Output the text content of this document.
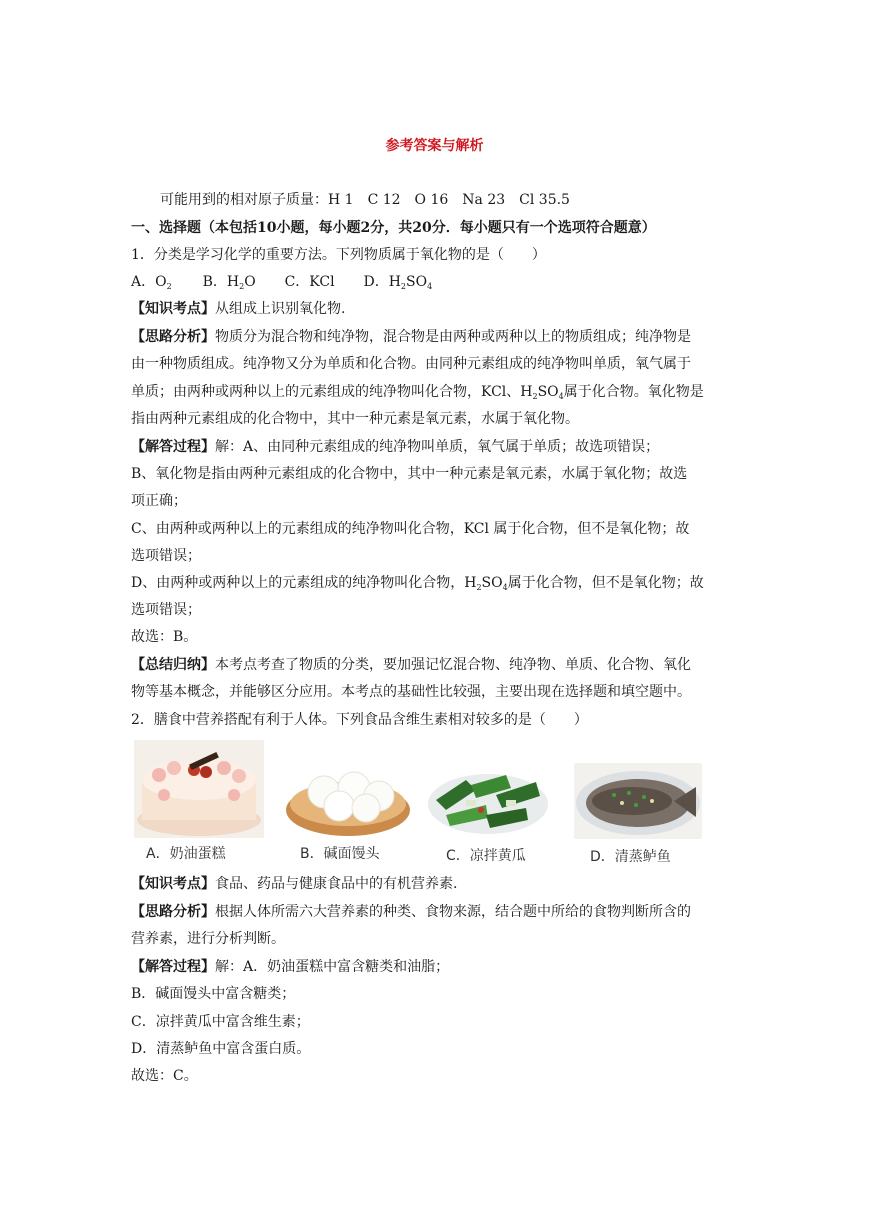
参考答案与解析
可能用到的相对原子质量：H 1　C 12　O 16　Na 23　Cl 35.5
一、选择题（本包括10小题，每小题2分，共20分．每小题只有一个选项符合题意）
1．分类是学习化学的重要方法。下列物质属于氧化物的是（　　）
A．$O_2$ B．$H_2O$ C．KCl D．$H_2SO_4$
【知识考点】从组成上识别氧化物.
【思路分析】物质分为混合物和纯净物，混合物是由两种或两种以上的物质组成；纯净物是
由一种物质组成。纯净物又分为单质和化合物。由同种元素组成的纯净物叫单质，氧气属于
单质；由两种或两种以上的元素组成的纯净物叫化合物，KCl、$H_2SO_4$属于化合物。氧化物是
指由两种元素组成的化合物中，其中一种元素是氧元素，水属于氧化物。
【解答过程】解：A、由同种元素组成的纯净物叫单质，氧气属于单质；故选项错误；
B、氧化物是指由两种元素组成的化合物中，其中一种元素是氧元素，水属于氧化物；故选
项正确；
C、由两种或两种以上的元素组成的纯净物叫化合物，KCl 属于化合物，但不是氧化物；故
选项错误；
D、由两种或两种以上的元素组成的纯净物叫化合物，$H_2SO_4$属于化合物，但不是氧化物；故
选项错误；
故选：B。
【总结归纳】本考点考查了物质的分类，要加强记忆混合物、纯净物、单质、化合物、氧化
物等基本概念，并能够区分应用。本考点的基础性比较强，主要出现在选择题和填空题中。
2．膳食中营养搭配有利于人体。下列食品含维生素相对较多的是（　　）
A．奶油蛋糕	B．碱面馒头	C．凉拌黄瓜	D．清蒸鲈鱼
【知识考点】食品、药品与健康食品中的有机营养素.
【思路分析】根据人体所需六大营养素的种类、食物来源，结合题中所给的食物判断所含的
营养素，进行分析判断。
【解答过程】解：A．奶油蛋糕中富含糖类和油脂；
B．碱面馒头中富含糖类；
C．凉拌黄瓜中富含维生素；
D．清蒸鲈鱼中富含蛋白质。
故选：C。
